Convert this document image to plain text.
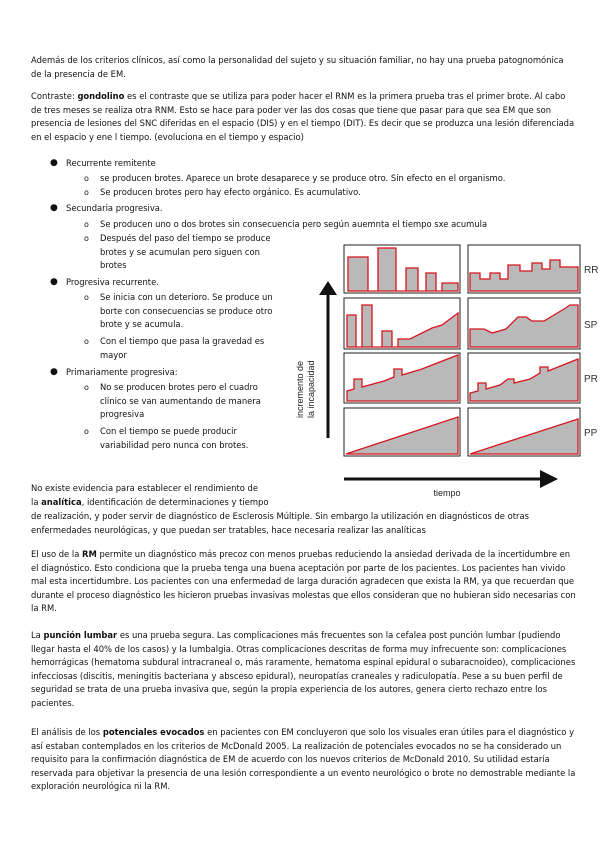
Además de los criterios clínicos, así como la personalidad del sujeto y su situación familiar, no hay una prueba patognomónica de la presencia de EM.

Contraste: gondolino es el contraste que se utiliza para poder hacer el RNM es la primera prueba tras el primer brote. Al cabo de tres meses se realiza otra RNM. Esto se hace para poder ver las dos cosas que tiene que pasar para que sea EM que son presencia de lesiones del SNC diferidas en el espacio (DIS) y en el tiempo (DIT). Es decir que se produzca una lesión diferenciada en el espacio y ene l tiempo. (evoluciona en el tiempo y espacio)

● Recurrente remitente

o se producen brotes. Aparece un brote desaparece y se produce otro. Sin efecto en el organismo.

o Se producen brotes pero hay efecto orgánico. Es acumulativo.

● Secundaria progresiva.

o Se producen uno o dos brotes sin consecuencia pero según auemnta el tiempo sxe acumula

o Después del paso del tiempo se produce brotes y se acumulan pero siguen con brotes

● Progresiva recurrente.

o Se inicia con un deterioro. Se produce un borte con consecuencias se produce otro brote y se acumula.

o Con el tiempo que pasa la gravedad es mayor

● Primariamente progresiva:

o No se producen brotes pero el cuadro clínico se van aumentando de manera progresiva

o Con el tiempo se puede producir variabilidad pero nunca con brotes.

RR
SP
PR
PP
incremento de la incapacidad
tiempo

No existe evidencia para establecer el rendimiento de

la analítica, identificación de determinaciones y tiempo

de realización, y poder servir de diagnóstico de Esclerosis Múltiple. Sin embargo la utilización en diagnósticos de otras enfermedades neurológicas, y que puedan ser tratables, hace necesaria realizar las analíticas

El uso de la RM permite un diagnóstico más precoz con menos pruebas reduciendo la ansiedad derivada de la incertidumbre en el diagnóstico. Esto condiciona que la prueba tenga una buena aceptación por parte de los pacientes. Los pacientes han vivido mal esta incertidumbre. Los pacientes con una enfermedad de larga duración agradecen que exista la RM, ya que recuerdan que durante el proceso diagnóstico les hicieron pruebas invasivas molestas que ellos consideran que no hubieran sido necesarias con la RM.

La punción lumbar es una prueba segura. Las complicaciones más frecuentes son la cefalea post punción lumbar (pudiendo llegar hasta el 40% de los casos) y la lumbalgia. Otras complicaciones descritas de forma muy infrecuente son: complicaciones hemorrágicas (hematoma subdural intracraneal o, más raramente, hematoma espinal epidural o subaracnoideo), complicaciones infecciosas (discitis, meningitis bacteriana y absceso epidural), neuropatías craneales y radiculopatía. Pese a su buen perfil de seguridad se trata de una prueba invasiva que, según la propia experiencia de los autores, genera cierto rechazo entre los pacientes.

El análisis de los potenciales evocados en pacientes con EM concluyeron que solo los visuales eran útiles para el diagnóstico y así estaban contemplados en los criterios de McDonald 2005. La realización de potenciales evocados no se ha considerado un requisito para la confirmación diagnóstica de EM de acuerdo con los nuevos criterios de McDonald 2010. Su utilidad estaría reservada para objetivar la presencia de una lesión correspondiente a un evento neurológico o brote no demostrable mediante la exploración neurológica ni la RM.
